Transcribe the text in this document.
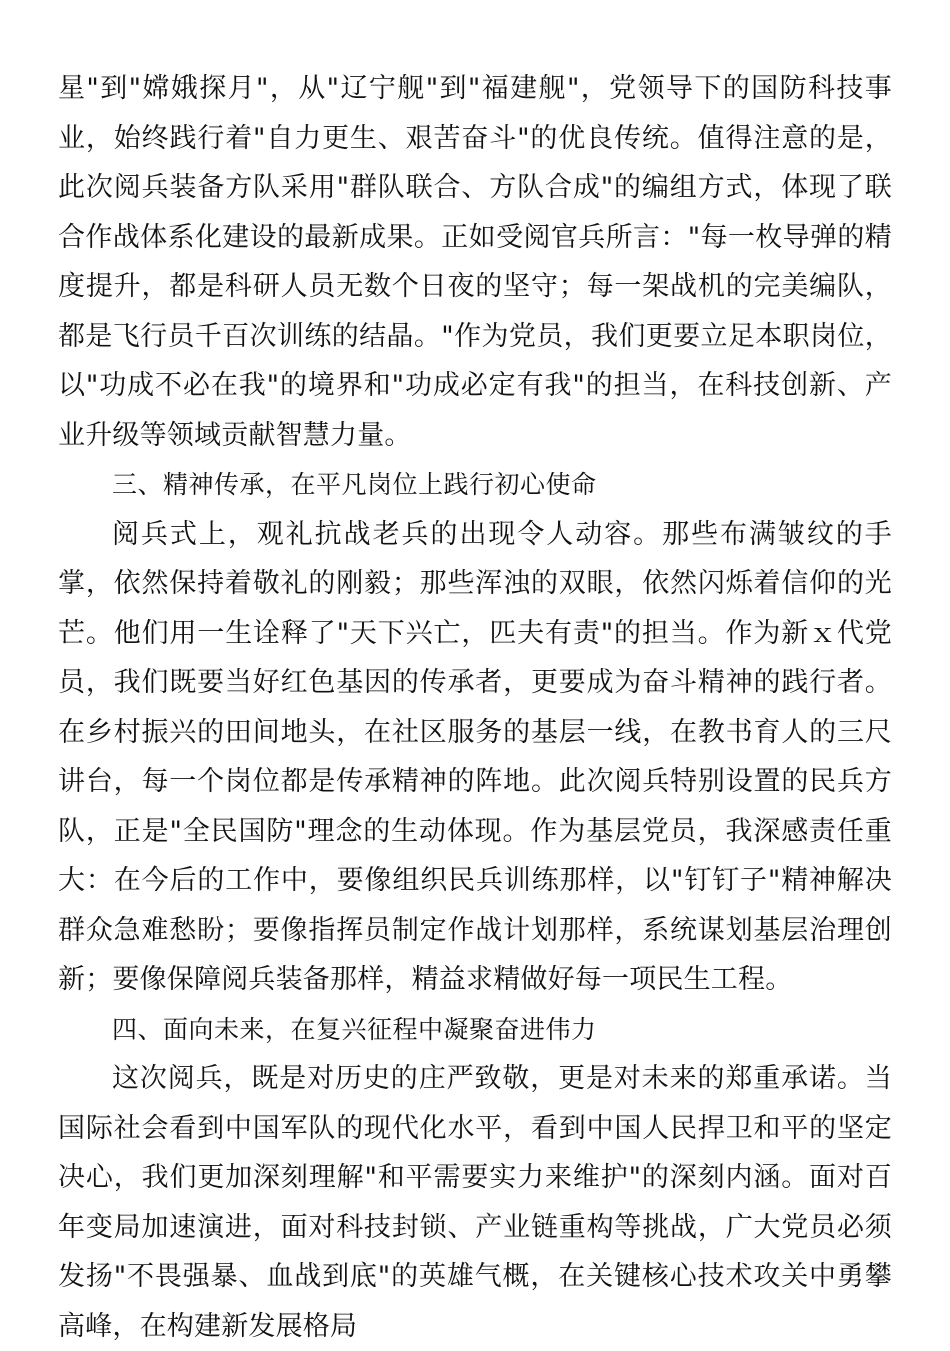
星"到"嫦娥探月"，从"辽宁舰"到"福建舰"，党领导下的国防科技事业，始终践行着"自力更生、艰苦奋斗"的优良传统。值得注意的是，此次阅兵装备方队采用"群队联合、方队合成"的编组方式，体现了联合作战体系化建设的最新成果。正如受阅官兵所言："每一枚导弹的精度提升，都是科研人员无数个日夜的坚守；每一架战机的完美编队，都是飞行员千百次训练的结晶。"作为党员，我们更要立足本职岗位，以"功成不必在我"的境界和"功成必定有我"的担当，在科技创新、产业升级等领域贡献智慧力量。

三、精神传承，在平凡岗位上践行初心使命

阅兵式上，观礼抗战老兵的出现令人动容。那些布满皱纹的手掌，依然保持着敬礼的刚毅；那些浑浊的双眼，依然闪烁着信仰的光芒。他们用一生诠释了"天下兴亡，匹夫有责"的担当。作为新ｘ代党员，我们既要当好红色基因的传承者，更要成为奋斗精神的践行者。在乡村振兴的田间地头，在社区服务的基层一线，在教书育人的三尺讲台，每一个岗位都是传承精神的阵地。此次阅兵特别设置的民兵方队，正是"全民国防"理念的生动体现。作为基层党员，我深感责任重大：在今后的工作中，要像组织民兵训练那样，以"钉钉子"精神解决群众急难愁盼；要像指挥员制定作战计划那样，系统谋划基层治理创新；要像保障阅兵装备那样，精益求精做好每一项民生工程。

四、面向未来，在复兴征程中凝聚奋进伟力

这次阅兵，既是对历史的庄严致敬，更是对未来的郑重承诺。当国际社会看到中国军队的现代化水平，看到中国人民捍卫和平的坚定决心，我们更加深刻理解"和平需要实力来维护"的深刻内涵。面对百年变局加速演进，面对科技封锁、产业链重构等挑战，广大党员必须发扬"不畏强暴、血战到底"的英雄气概，在关键核心技术攻关中勇攀高峰，在构建新发展格局
